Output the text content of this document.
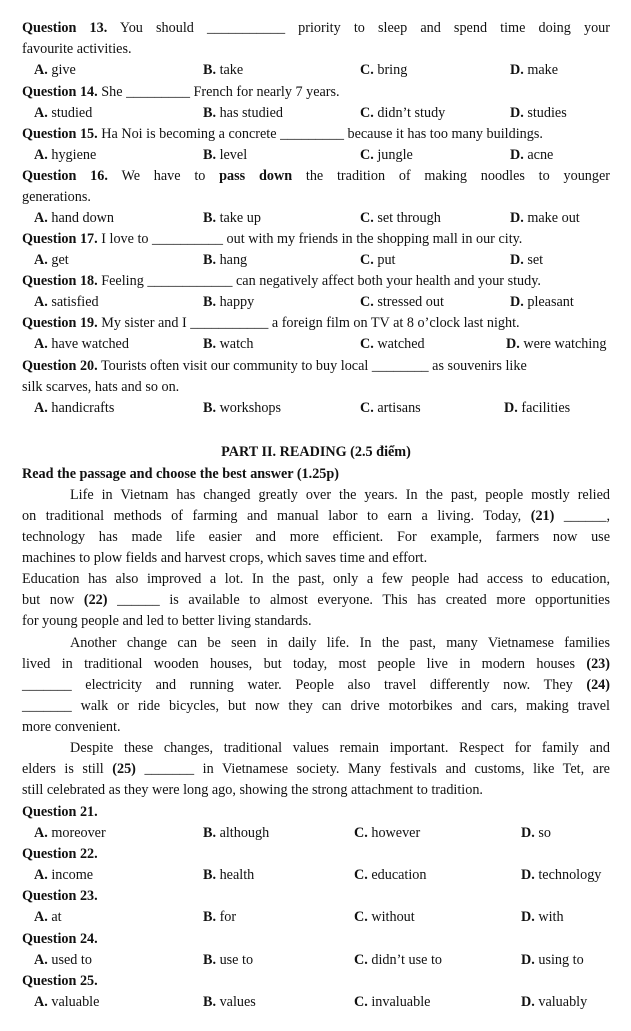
Question 13. You should ___________ priority to sleep and spend time doing your
favourite activities.
A. give	B. take	C. bring	D. make
Question 14. She _________ French for nearly 7 years.
A. studied	B. has studied	C. didn’t study	D. studies
Question 15. Ha Noi is becoming a concrete _________ because it has too many buildings.
A. hygiene	B. level	C. jungle	D. acne
Question 16. We have to pass down the tradition of making noodles to younger
generations.
A. hand down	B. take up	C. set through	D. make out
Question 17. I love to __________ out with my friends in the shopping mall in our city.
A. get	B. hang	C. put	D. set
Question 18. Feeling ____________ can negatively affect both your health and your study.
A. satisfied	B. happy	C. stressed out	D. pleasant
Question 19. My sister and I ___________ a foreign film on TV at 8 o’clock last night.
A. have watched	B. watch	C. watched	D. were watching
Question 20. Tourists often visit our community to buy local ________ as souvenirs like
silk scarves, hats and so on.
A. handicrafts	B. workshops	C. artisans	D. facilities
PART II. READING (2.5 điểm)
Read the passage and choose the best answer (1.25p)
Life in Vietnam has changed greatly over the years. In the past, people mostly relied
on traditional methods of farming and manual labor to earn a living. Today, (21) ______,
technology has made life easier and more efficient. For example, farmers now use
machines to plow fields and harvest crops, which saves time and effort.
Education has also improved a lot. In the past, only a few people had access to education,
but now (22) ______ is available to almost everyone. This has created more opportunities
for young people and led to better living standards.
Another change can be seen in daily life. In the past, many Vietnamese families
lived in traditional wooden houses, but today, most people live in modern houses (23)
_______ electricity and running water. People also travel differently now. They (24)
_______ walk or ride bicycles, but now they can drive motorbikes and cars, making travel
more convenient.
Despite these changes, traditional values remain important. Respect for family and
elders is still (25) _______ in Vietnamese society. Many festivals and customs, like Tet, are
still celebrated as they were long ago, showing the strong attachment to tradition.
Question 21.
A. moreover	B. although	C. however	D. so
Question 22.
A. income	B. health	C. education	D. technology
Question 23.
A. at	B. for	C. without	D. with
Question 24.
A. used to	B. use to	C. didn’t use to	D. using to
Question 25.
A. valuable	B. values	C. invaluable	D. valuably
